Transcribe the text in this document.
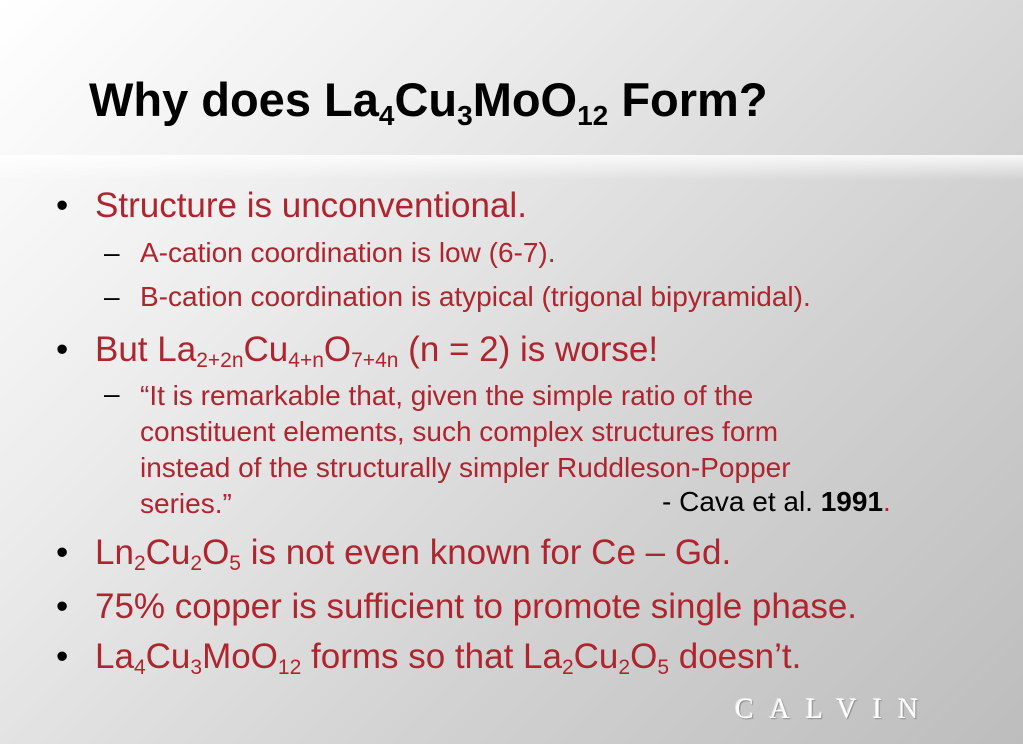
Why does $La_4Cu_3MoO_{12}$ Form?
• Structure is unconventional.
– A-cation coordination is low (6-7).
– B-cation coordination is atypical (trigonal bipyramidal).
• But $La_{2+2n}Cu_{4+n}O_{7+4n}$ (n = 2) is worse!
– “It is remarkable that, given the simple ratio of the
constituent elements, such complex structures form
instead of the structurally simpler Ruddleson-Popper
series.”	- Cava et al. 1991.
• $Ln_2Cu_2O_5$ is not even known for Ce – Gd.
• 75% copper is sufficient to promote single phase.
• $La_4Cu_3MoO_{12}$ forms so that $La_2Cu_2O_5$ doesn’t.
CALVIN
